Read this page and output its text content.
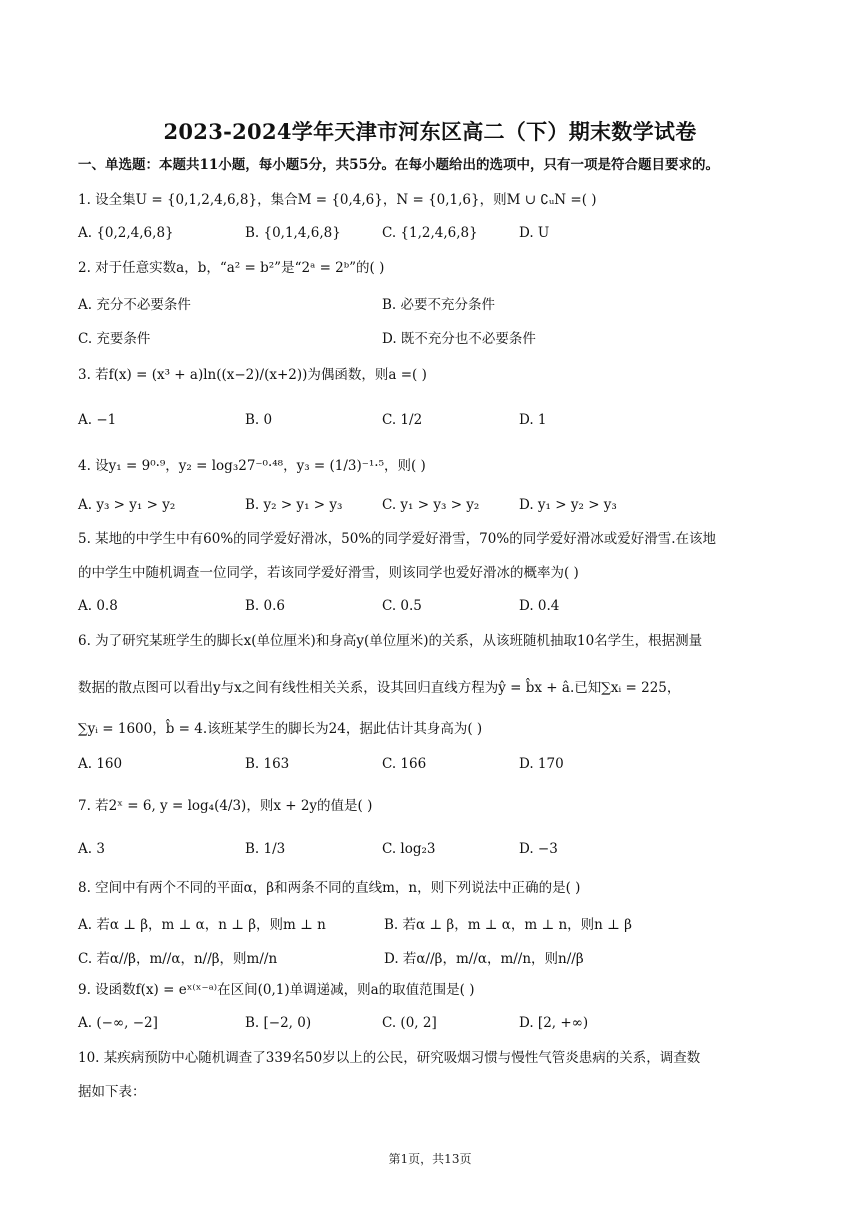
2023-2024学年天津市河东区高二（下）期末数学试卷
一、单选题：本题共11小题，每小题5分，共55分。在每小题给出的选项中，只有一项是符合题目要求的。
1. 设全集U = {0,1,2,4,6,8}，集合M = {0,4,6}，N = {0,1,6}，则M ∪ ∁ᵤN =( )
A. {0,2,4,6,8}	B. {0,1,4,6,8}	C. {1,2,4,6,8}	D. U
2. 对于任意实数a，b，“a² = b²”是“2ᵃ = 2ᵇ”的( )
A. 充分不必要条件	B. 必要不充分条件
C. 充要条件	D. 既不充分也不必要条件
3. 若f(x) = (x³ + a)ln((x−2)/(x+2))为偶函数，则a =( )
A. −1	B. 0	C. 1/2	D. 1
4. 设y₁ = 9⁰·⁹，y₂ = log₃27⁻⁰·⁴⁸，y₃ = (1/3)⁻¹·⁵，则( )
A. y₃ > y₁ > y₂	B. y₂ > y₁ > y₃	C. y₁ > y₃ > y₂	D. y₁ > y₂ > y₃
5. 某地的中学生中有60%的同学爱好滑冰，50%的同学爱好滑雪，70%的同学爱好滑冰或爱好滑雪.在该地
的中学生中随机调查一位同学，若该同学爱好滑雪，则该同学也爱好滑冰的概率为( )
A. 0.8	B. 0.6	C. 0.5	D. 0.4
6. 为了研究某班学生的脚长x(单位厘米)和身高y(单位厘米)的关系，从该班随机抽取10名学生，根据测量
数据的散点图可以看出y与x之间有线性相关关系，设其回归直线方程为ŷ = b̂x + â.已知∑xᵢ = 225，
∑yᵢ = 1600，b̂ = 4.该班某学生的脚长为24，据此估计其身高为( )
A. 160	B. 163	C. 166	D. 170
7. 若2ˣ = 6, y = log₄(4/3)，则x + 2y的值是( )
A. 3	B. 1/3	C. log₂3	D. −3
8. 空间中有两个不同的平面α，β和两条不同的直线m，n，则下列说法中正确的是( )
A. 若α ⊥ β，m ⊥ α，n ⊥ β，则m ⊥ n	B. 若α ⊥ β，m ⊥ α，m ⊥ n，则n ⊥ β
C. 若α//β，m//α，n//β，则m//n	D. 若α//β，m//α，m//n，则n//β
9. 设函数f(x) = eˣ⁽ˣ⁻ᵃ⁾在区间(0,1)单调递减，则a的取值范围是( )
A. (−∞, −2]	B. [−2, 0)	C. (0, 2]	D. [2, +∞)
10. 某疾病预防中心随机调查了339名50岁以上的公民，研究吸烟习惯与慢性气管炎患病的关系，调查数
据如下表：
第1页，共13页
